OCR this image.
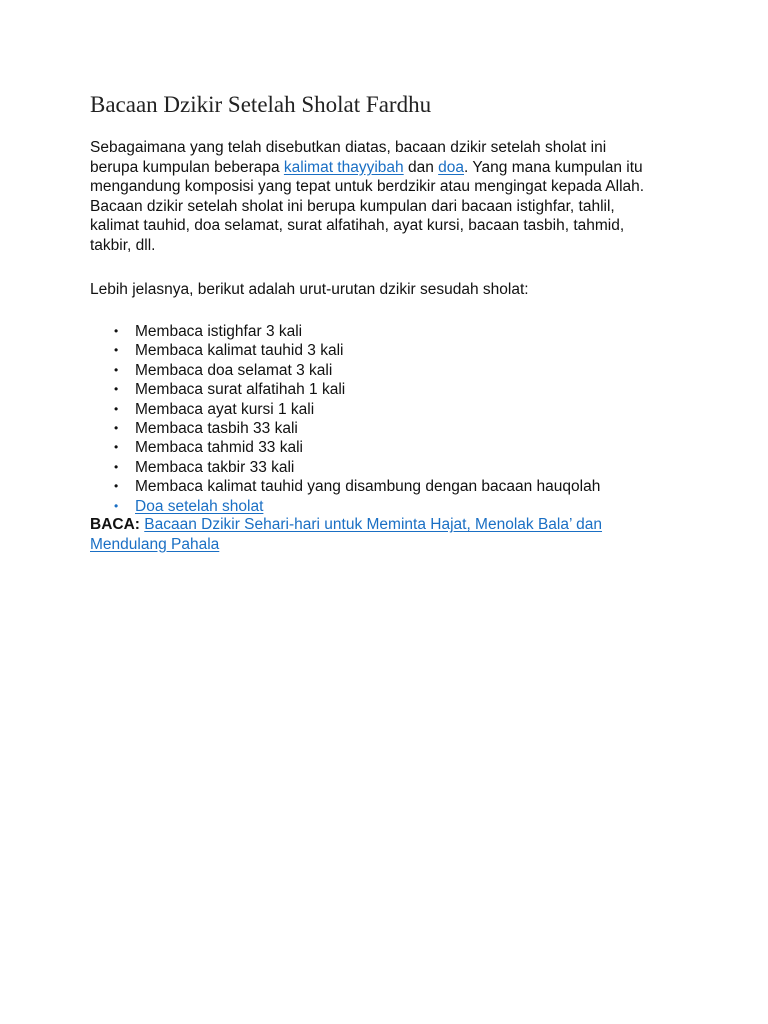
Bacaan Dzikir Setelah Sholat Fardhu

Sebagaimana yang telah disebutkan diatas, bacaan dzikir setelah sholat ini
berupa kumpulan beberapa kalimat thayyibah dan doa. Yang mana kumpulan itu
mengandung komposisi yang tepat untuk berdzikir atau mengingat kepada Allah.
Bacaan dzikir setelah sholat ini berupa kumpulan dari bacaan istighfar, tahlil,
kalimat tauhid, doa selamat, surat alfatihah, ayat kursi, bacaan tasbih, tahmid,
takbir, dll.

Lebih jelasnya, berikut adalah urut-urutan dzikir sesudah sholat:

• Membaca istighfar 3 kali
• Membaca kalimat tauhid 3 kali
• Membaca doa selamat 3 kali
• Membaca surat alfatihah 1 kali
• Membaca ayat kursi 1 kali
• Membaca tasbih 33 kali
• Membaca tahmid 33 kali
• Membaca takbir 33 kali
• Membaca kalimat tauhid yang disambung dengan bacaan hauqolah
• Doa setelah sholat

BACA: Bacaan Dzikir Sehari-hari untuk Meminta Hajat, Menolak Bala’ dan
Mendulang Pahala
